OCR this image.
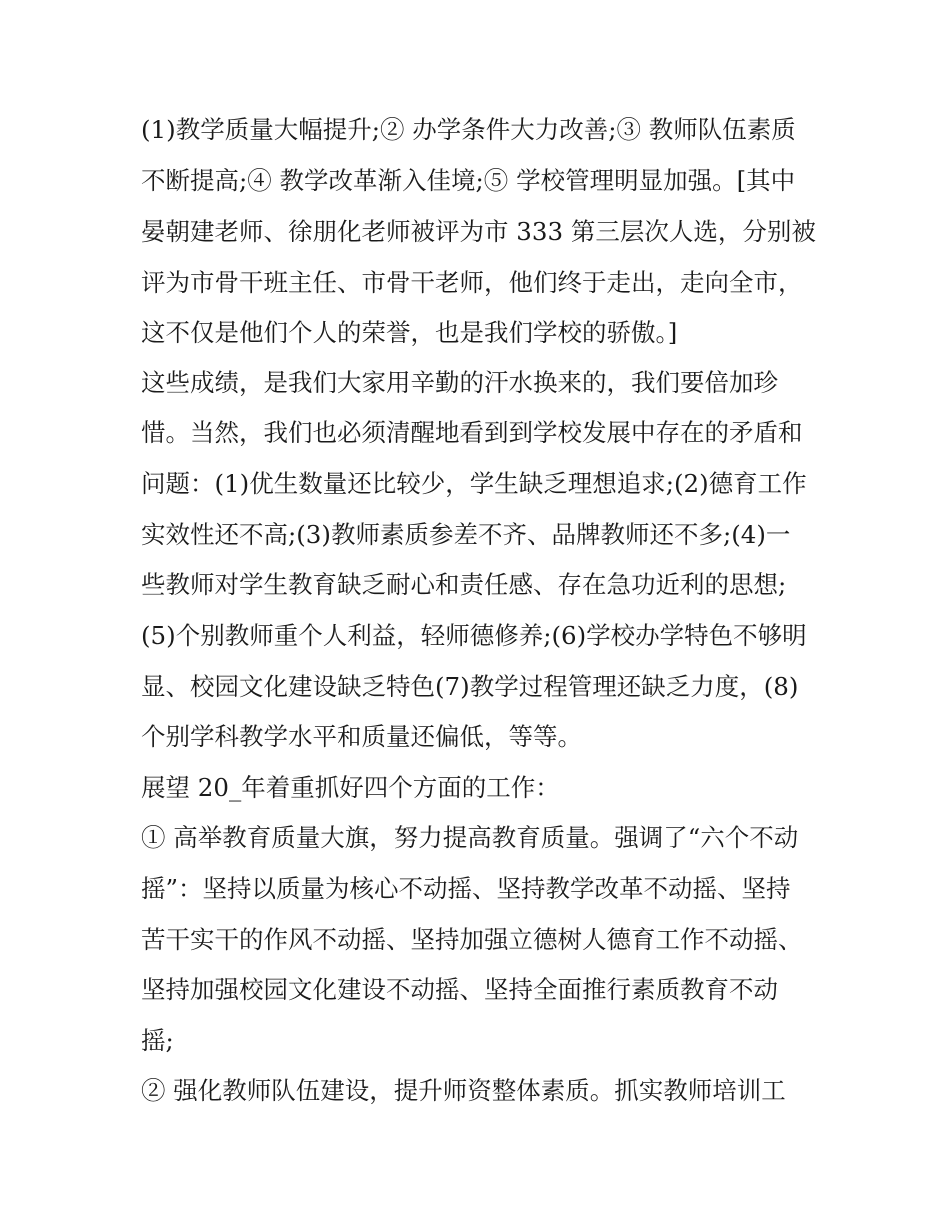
(1)教学质量大幅提升;② 办学条件大力改善;③ 教师队伍素质
不断提高;④ 教学改革渐入佳境;⑤ 学校管理明显加强。[其中
晏朝建老师、徐朋化老师被评为市 333 第三层次人选，分别被
评为市骨干班主任、市骨干老师，他们终于走出，走向全市，
这不仅是他们个人的荣誉，也是我们学校的骄傲。]
这些成绩，是我们大家用辛勤的汗水换来的，我们要倍加珍
惜。当然，我们也必须清醒地看到到学校发展中存在的矛盾和
问题：(1)优生数量还比较少，学生缺乏理想追求;(2)德育工作
实效性还不高;(3)教师素质参差不齐、品牌教师还不多;(4)一
些教师对学生教育缺乏耐心和责任感、存在急功近利的思想;
(5)个别教师重个人利益，轻师德修养;(6)学校办学特色不够明
显、校园文化建设缺乏特色(7)教学过程管理还缺乏力度，(8)
个别学科教学水平和质量还偏低，等等。
展望 20_年着重抓好四个方面的工作：
① 高举教育质量大旗，努力提高教育质量。强调了“六个不动
摇”：坚持以质量为核心不动摇、坚持教学改革不动摇、坚持
苦干实干的作风不动摇、坚持加强立德树人德育工作不动摇、
坚持加强校园文化建设不动摇、坚持全面推行素质教育不动
摇;
② 强化教师队伍建设，提升师资整体素质。抓实教师培训工
